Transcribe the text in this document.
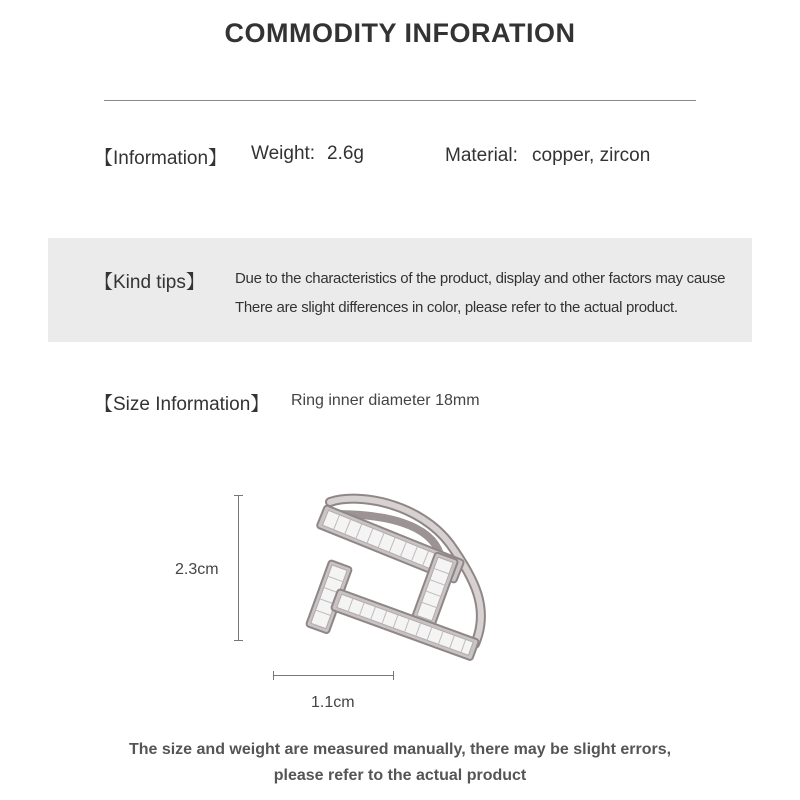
COMMODITY INFORATION
【Information】 Weight: 2.6g	Material: copper, zircon
【Kind tips】 Due to the characteristics of the product, display and other factors may cause
There are slight differences in color, please refer to the actual product.
【Size Information】 Ring inner diameter 18mm
2.3cm
1.1cm
The size and weight are measured manually, there may be slight errors,
please refer to the actual product
